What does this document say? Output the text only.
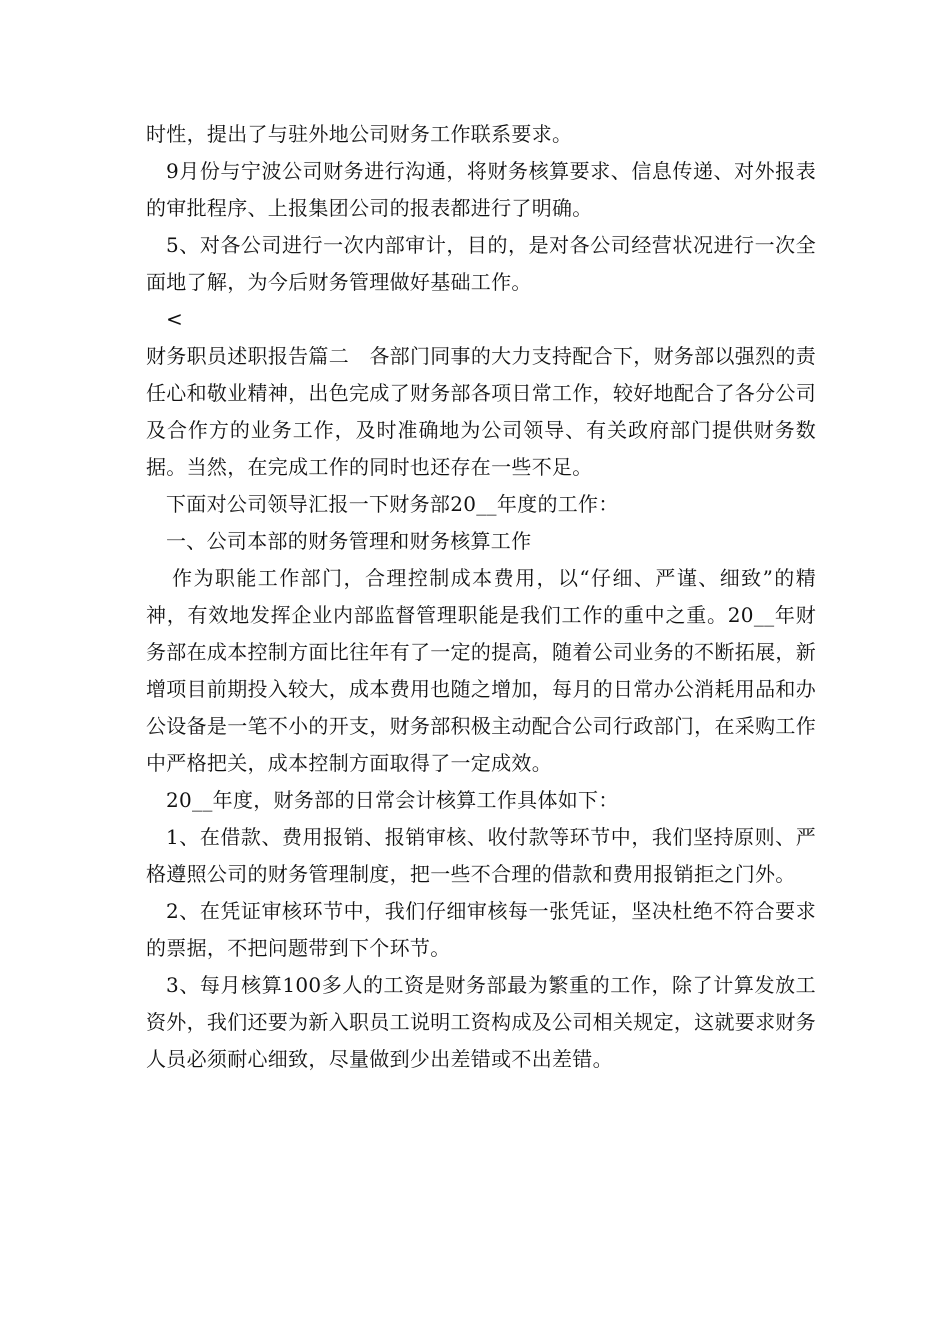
时性，提出了与驻外地公司财务工作联系要求。

9月份与宁波公司财务进行沟通，将财务核算要求、信息传递、对外报表的审批程序、上报集团公司的报表都进行了明确。

5、对各公司进行一次内部审计，目的，是对各公司经营状况进行一次全面地了解，为今后财务管理做好基础工作。

<

财务职员述职报告篇二　各部门同事的大力支持配合下，财务部以强烈的责任心和敬业精神，出色完成了财务部各项日常工作，较好地配合了各分公司及合作方的业务工作，及时准确地为公司领导、有关政府部门提供财务数据。当然，在完成工作的同时也还存在一些不足。

下面对公司领导汇报一下财务部20__年度的工作：

一、公司本部的财务管理和财务核算工作

作为职能工作部门，合理控制成本费用，以“仔细、严谨、细致”的精神，有效地发挥企业内部监督管理职能是我们工作的重中之重。20__年财务部在成本控制方面比往年有了一定的提高，随着公司业务的不断拓展，新增项目前期投入较大，成本费用也随之增加，每月的日常办公消耗用品和办公设备是一笔不小的开支，财务部积极主动配合公司行政部门，在采购工作中严格把关，成本控制方面取得了一定成效。

20__年度，财务部的日常会计核算工作具体如下：

1、在借款、费用报销、报销审核、收付款等环节中，我们坚持原则、严格遵照公司的财务管理制度，把一些不合理的借款和费用报销拒之门外。

2、在凭证审核环节中，我们仔细审核每一张凭证，坚决杜绝不符合要求的票据，不把问题带到下个环节。

3、每月核算100多人的工资是财务部最为繁重的工作，除了计算发放工资外，我们还要为新入职员工说明工资构成及公司相关规定，这就要求财务人员必须耐心细致，尽量做到少出差错或不出差错。
